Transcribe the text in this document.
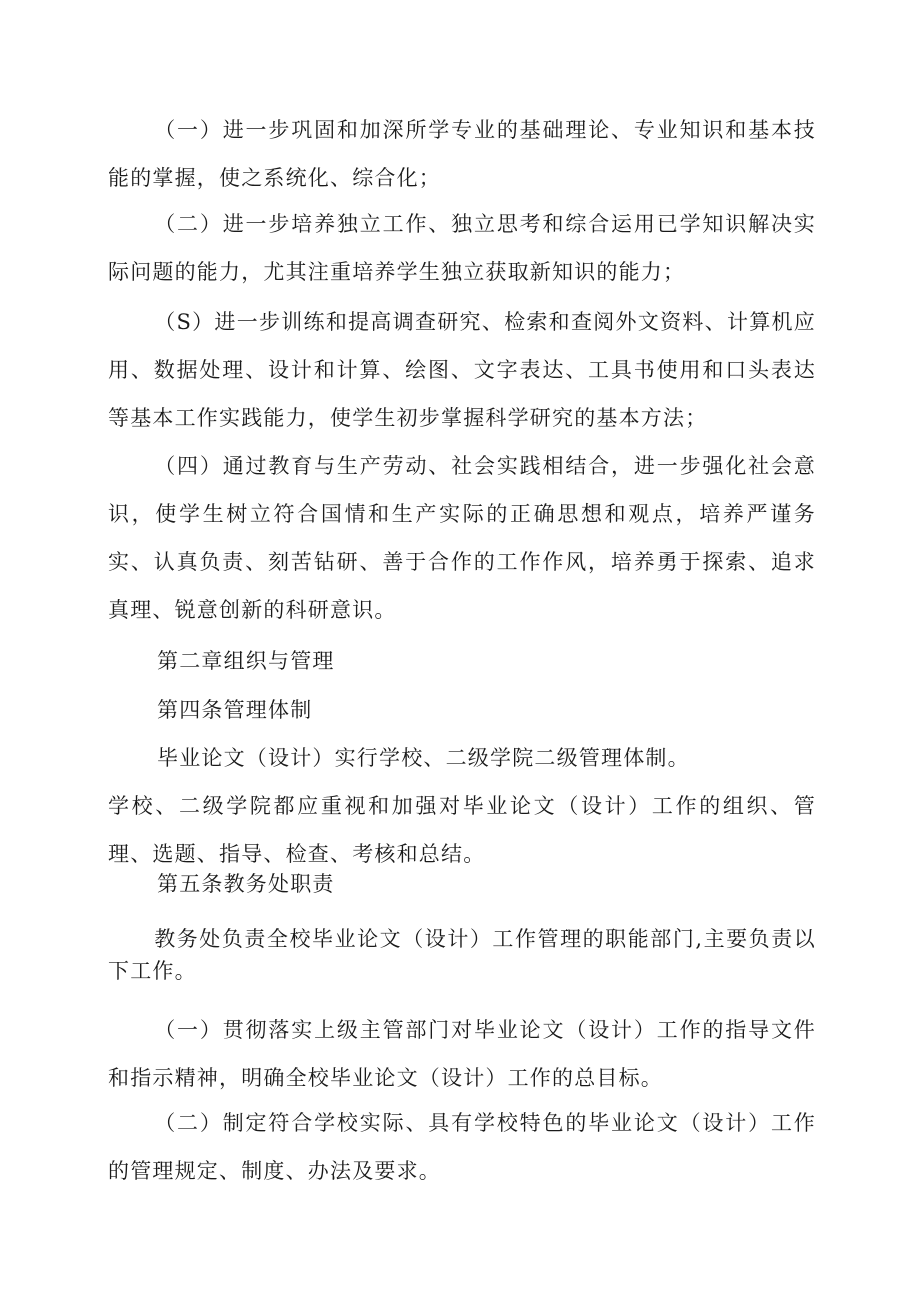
（一）进一步巩固和加深所学专业的基础理论、专业知识和基本技能的掌握，使之系统化、综合化；

（二）进一步培养独立工作、独立思考和综合运用已学知识解决实际问题的能力，尤其注重培养学生独立获取新知识的能力；

（S）进一步训练和提高调查研究、检索和查阅外文资料、计算机应用、数据处理、设计和计算、绘图、文字表达、工具书使用和口头表达等基本工作实践能力，使学生初步掌握科学研究的基本方法；

（四）通过教育与生产劳动、社会实践相结合，进一步强化社会意识，使学生树立符合国情和生产实际的正确思想和观点，培养严谨务实、认真负责、刻苦钻研、善于合作的工作作风，培养勇于探索、追求真理、锐意创新的科研意识。

第二章组织与管理

第四条管理体制

毕业论文（设计）实行学校、二级学院二级管理体制。

学校、二级学院都应重视和加强对毕业论文（设计）工作的组织、管理、选题、指导、检查、考核和总结。

第五条教务处职责

教务处负责全校毕业论文（设计）工作管理的职能部门,主要负责以下工作。

（一）贯彻落实上级主管部门对毕业论文（设计）工作的指导文件和指示精神，明确全校毕业论文（设计）工作的总目标。

（二）制定符合学校实际、具有学校特色的毕业论文（设计）工作的管理规定、制度、办法及要求。
